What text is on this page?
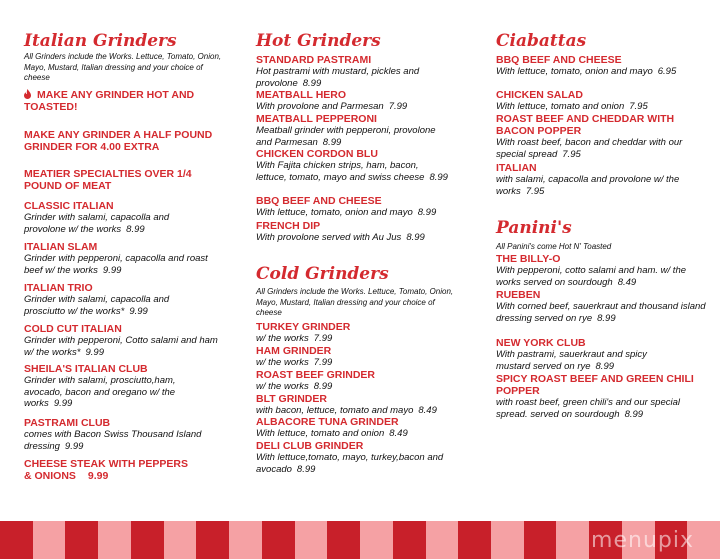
Italian Grinders

All Grinders include the Works. Lettuce, Tomato, Onion, Mayo, Mustard, Italian dressing and your choice of cheese

MAKE ANY GRINDER HOT AND TOASTED!
MAKE ANY GRINDER A HALF POUND GRINDER FOR 4.00 EXTRA
MEATIER SPECIALTIES OVER 1/4 POUND OF MEAT
CLASSIC ITALIAN
Grinder with salami, capacolla and provolone w/ the works 8.99
ITALIAN SLAM
Grinder with pepperoni, capacolla and roast beef w/ the works 9.99
ITALIAN TRIO
Grinder with salami, capacolla and prosciutto w/ the works* 9.99
COLD CUT ITALIAN
Grinder with pepperoni, Cotto salami and ham w/ the works* 9.99
SHEILA'S ITALIAN CLUB
Grinder with salami, prosciutto,ham, avocado, bacon and oregano w/ the works 9.99
PASTRAMI CLUB
comes with Bacon Swiss Thousand Island dressing 9.99
CHEESE STEAK WITH PEPPERS & ONIONS 9.99
Hot Grinders
STANDARD PASTRAMI
Hot pastrami with mustard, pickles and provolone 8.99
MEATBALL HERO
With provolone and Parmesan 7.99
MEATBALL PEPPERONI
Meatball grinder with pepperoni, provolone and Parmesan 8.99
CHICKEN CORDON BLU
With Fajita chicken strips, ham, bacon, lettuce, tomato, mayo and swiss cheese 8.99
BBQ BEEF AND CHEESE
With lettuce, tomato, onion and mayo 8.99
FRENCH DIP
With provolone served with Au Jus 8.99
Cold Grinders

All Grinders include the Works. Lettuce, Tomato, Onion, Mayo, Mustard, Italian dressing and your choice of cheese

TURKEY GRINDER
w/ the works 7.99
HAM GRINDER
w/ the works 7.99
ROAST BEEF GRINDER
w/ the works 8.99
BLT GRINDER
with bacon, lettuce, tomato and mayo 8.49
ALBACORE TUNA GRINDER
With lettuce, tomato and onion 8.49
DELI CLUB GRINDER
With lettuce,tomato, mayo, turkey,bacon and avocado 8.99
Ciabattas
BBQ BEEF AND CHEESE
With lettuce, tomato, onion and mayo 6.95
CHICKEN SALAD
With lettuce, tomato and onion 7.95
ROAST BEEF AND CHEDDAR WITH BACON POPPER
With roast beef, bacon and cheddar with our special spread 7.95
ITALIAN
with salami, capacolla and provolone w/ the works 7.95
Panini's

All Panini's come Hot N' Toasted

THE BILLY-O
With pepperoni, cotto salami and ham. w/ the works served on sourdough 8.49
RUEBEN
With corned beef, sauerkraut and thousand island dressing served on rye 8.99
NEW YORK CLUB
With pastrami, sauerkraut and spicy mustard served on rye 8.99
SPICY ROAST BEEF AND GREEN CHILI POPPER
with roast beef, green chili's and our special spread. served on sourdough 8.99
menupix
